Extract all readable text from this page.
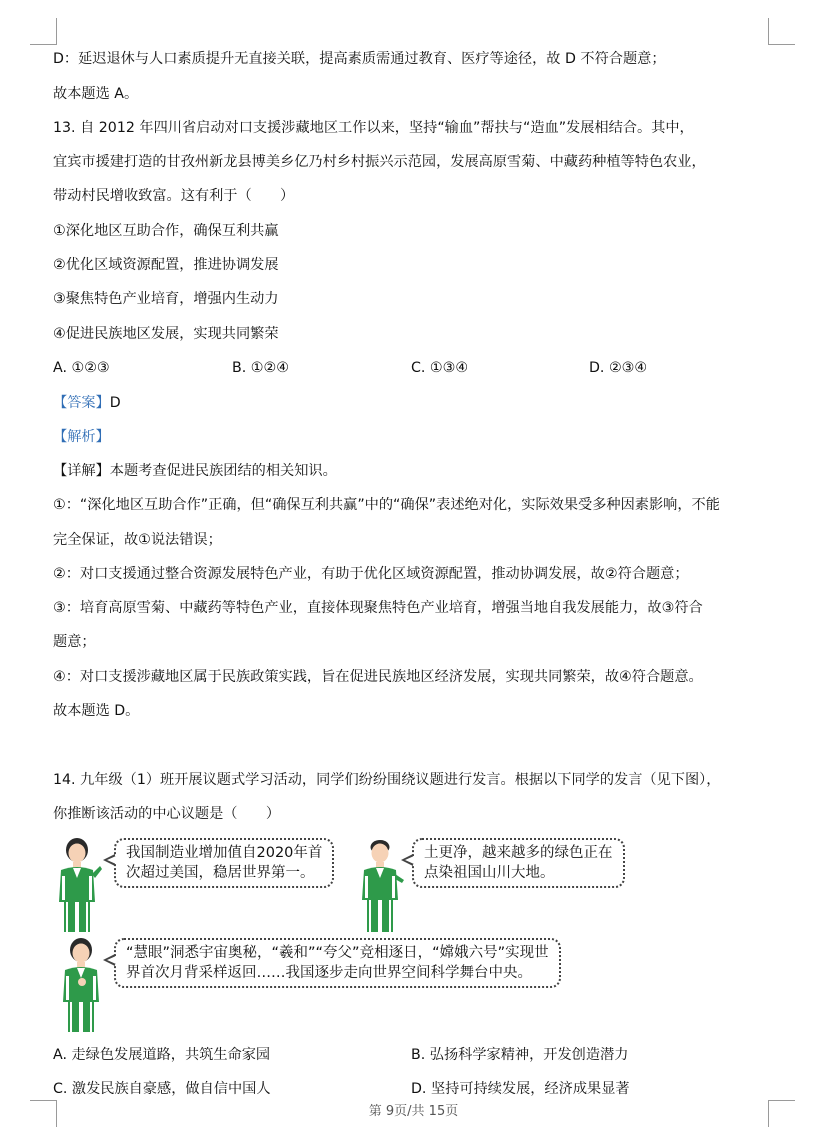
D：延迟退休与人口素质提升无直接关联，提高素质需通过教育、医疗等途径，故 D 不符合题意；
故本题选 A。
13. 自 2012 年四川省启动对口支援涉藏地区工作以来，坚持“输血”帮扶与“造血”发展相结合。其中，
宜宾市援建打造的甘孜州新龙县博美乡亿乃村乡村振兴示范园，发展高原雪菊、中藏药种植等特色农业，
带动村民增收致富。这有利于（　　）
①深化地区互助合作，确保互利共赢
②优化区域资源配置，推进协调发展
③聚焦特色产业培育，增强内生动力
④促进民族地区发展，实现共同繁荣
A. ①②③	B. ①②④	C. ①③④	D. ②③④
【答案】D
【解析】
【详解】本题考查促进民族团结的相关知识。
①：“深化地区互助合作”正确，但“确保互利共赢”中的“确保”表述绝对化，实际效果受多种因素影响，不能
完全保证，故①说法错误；
②：对口支援通过整合资源发展特色产业，有助于优化区域资源配置，推动协调发展，故②符合题意；
③：培育高原雪菊、中藏药等特色产业，直接体现聚焦特色产业培育，增强当地自我发展能力，故③符合
题意；
④：对口支援涉藏地区属于民族政策实践，旨在促进民族地区经济发展，实现共同繁荣，故④符合题意。
故本题选 D。
14. 九年级（1）班开展议题式学习活动，同学们纷纷围绕议题进行发言。根据以下同学的发言（见下图），
你推断该活动的中心议题是（　　）
我国制造业增加值自2020年首
次超过美国，稳居世界第一。
土更净，越来越多的绿色正在
点染祖国山川大地。
“慧眼”洞悉宇宙奥秘，“羲和”“夸父”竞相逐日，“嫦娥六号”实现世
界首次月背采样返回……我国逐步走向世界空间科学舞台中央。
A. 走绿色发展道路，共筑生命家园	B. 弘扬科学家精神，开发创造潜力
C. 激发民族自豪感，做自信中国人	D. 坚持可持续发展，经济成果显著
第 9页/共 15页
